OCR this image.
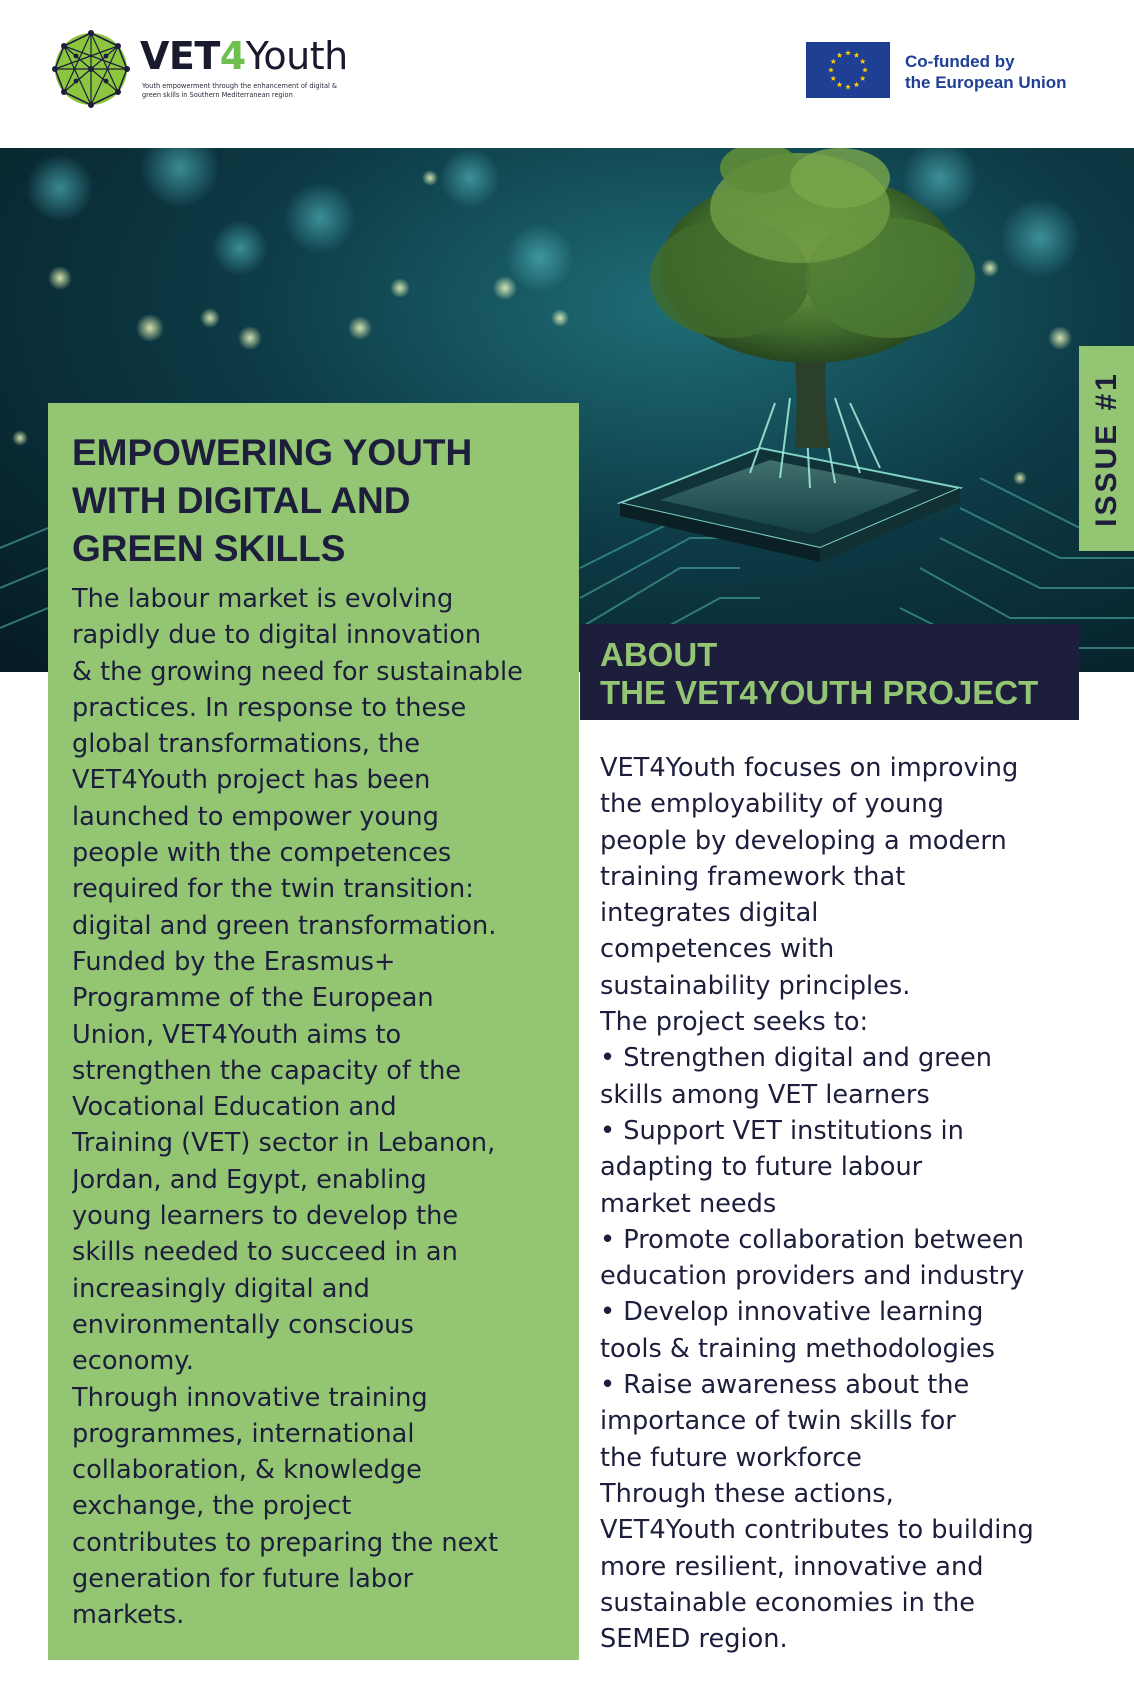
VET4Youth
Youth empowerment through the enhancement of digital & green skills in Southern Mediterranean region
Co-funded by
the European Union
ISSUE #1
EMPOWERING YOUTH
WITH DIGITAL AND
GREEN SKILLS
The labour market is evolving
rapidly due to digital innovation
& the growing need for sustainable
practices. In response to these
global transformations, the
VET4Youth project has been
launched to empower young
people with the competences
required for the twin transition:
digital and green transformation.
Funded by the Erasmus+
Programme of the European
Union, VET4Youth aims to
strengthen the capacity of the
Vocational Education and
Training (VET) sector in Lebanon,
Jordan, and Egypt, enabling
young learners to develop the
skills needed to succeed in an
increasingly digital and
environmentally conscious
economy.
Through innovative training
programmes, international
collaboration, & knowledge
exchange, the project
contributes to preparing the next
generation for future labor
markets.
ABOUT
THE VET4YOUTH PROJECT
VET4Youth focuses on improving
the employability of young
people by developing a modern
training framework that
integrates digital
competences with
sustainability principles.
The project seeks to:
• Strengthen digital and green
skills among VET learners
• Support VET institutions in
adapting to future labour
market needs
• Promote collaboration between
education providers and industry
• Develop innovative learning
tools & training methodologies
• Raise awareness about the
importance of twin skills for
the future workforce
Through these actions,
VET4Youth contributes to building
more resilient, innovative and
sustainable economies in the
SEMED region.
